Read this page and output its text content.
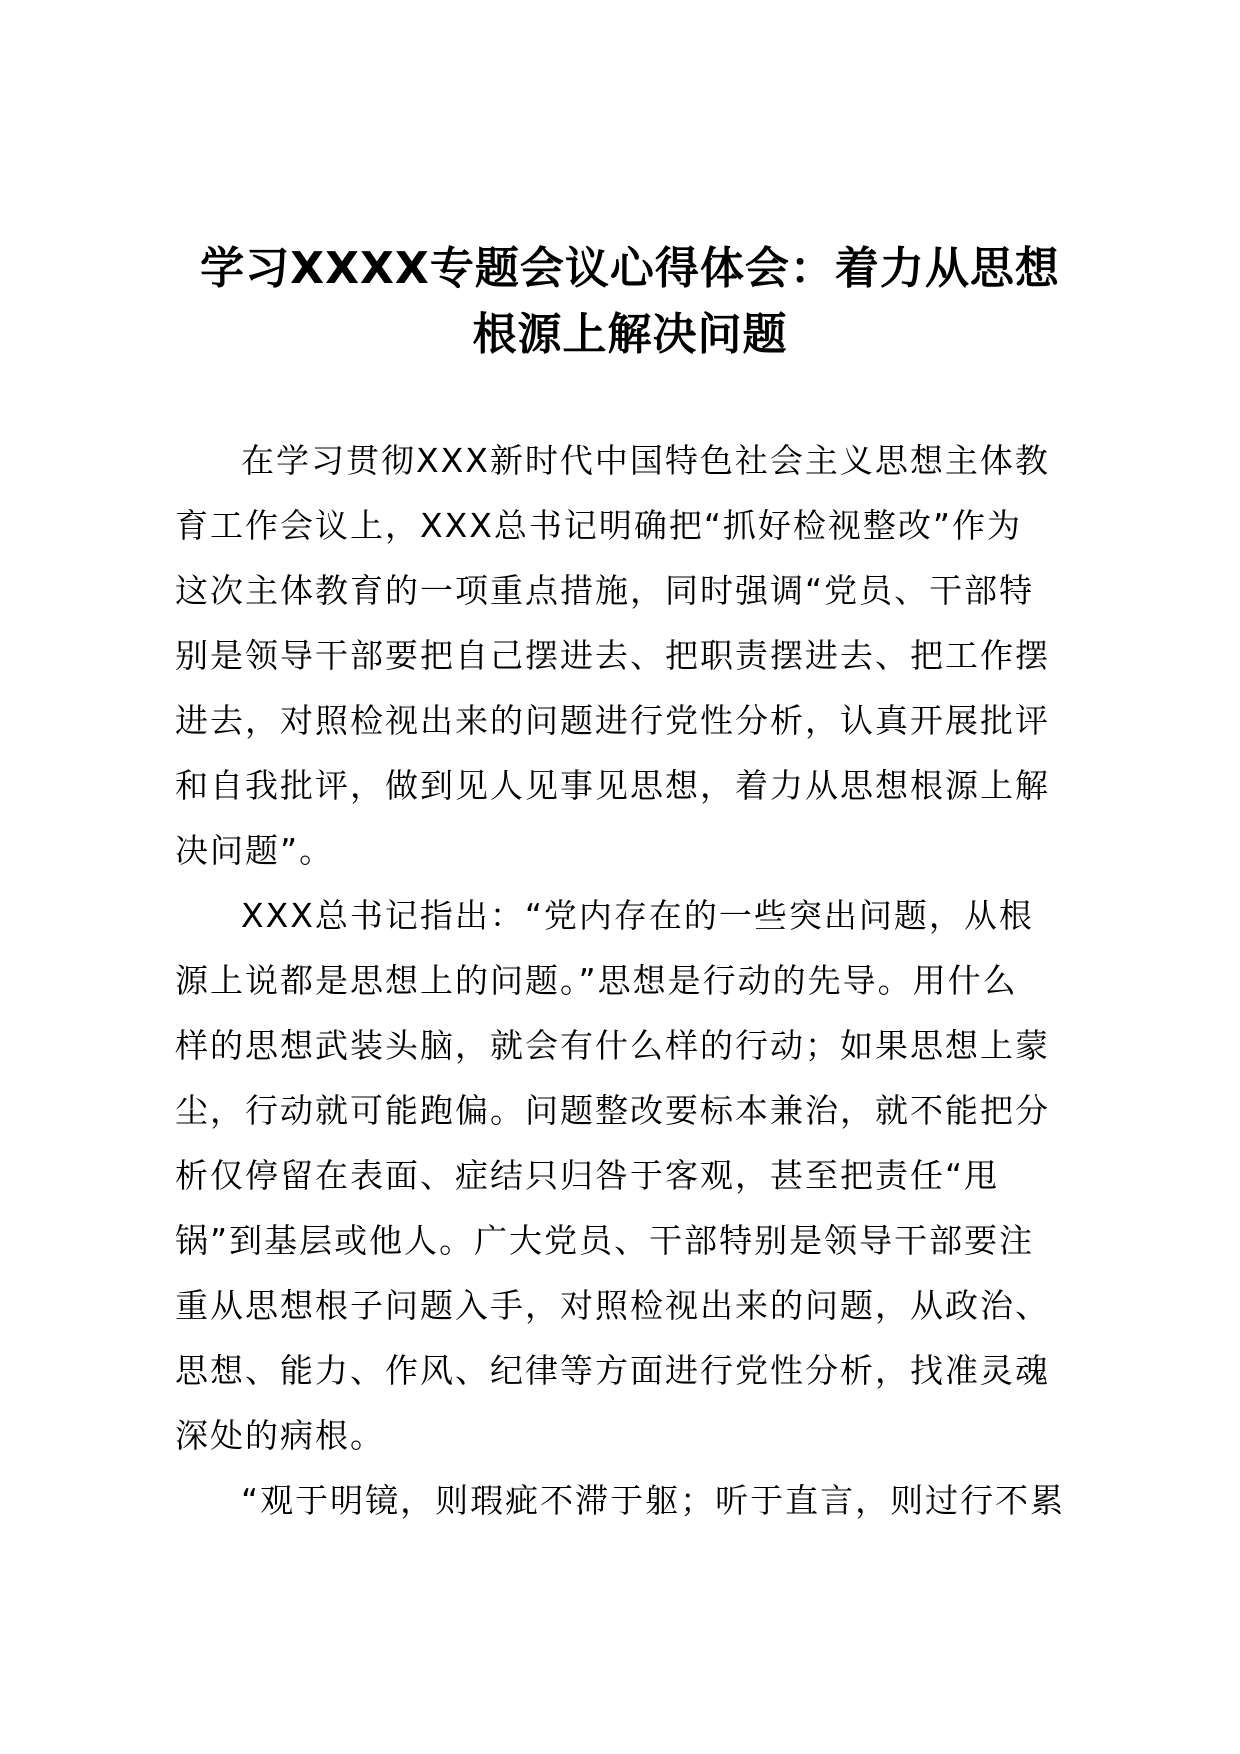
学习XXXX专题会议心得体会：着力从思想
根源上解决问题
在学习贯彻XXX新时代中国特色社会主义思想主体教
育工作会议上，XXX总书记明确把“抓好检视整改”作为
这次主体教育的一项重点措施，同时强调“党员、干部特
别是领导干部要把自己摆进去、把职责摆进去、把工作摆
进去，对照检视出来的问题进行党性分析，认真开展批评
和自我批评，做到见人见事见思想，着力从思想根源上解
决问题”。
XXX总书记指出：“党内存在的一些突出问题，从根
源上说都是思想上的问题。”思想是行动的先导。用什么
样的思想武装头脑，就会有什么样的行动；如果思想上蒙
尘，行动就可能跑偏。问题整改要标本兼治，就不能把分
析仅停留在表面、症结只归咎于客观，甚至把责任“甩
锅”到基层或他人。广大党员、干部特别是领导干部要注
重从思想根子问题入手，对照检视出来的问题，从政治、
思想、能力、作风、纪律等方面进行党性分析，找准灵魂
深处的病根。
“观于明镜，则瑕疵不滞于躯；听于直言，则过行不累
